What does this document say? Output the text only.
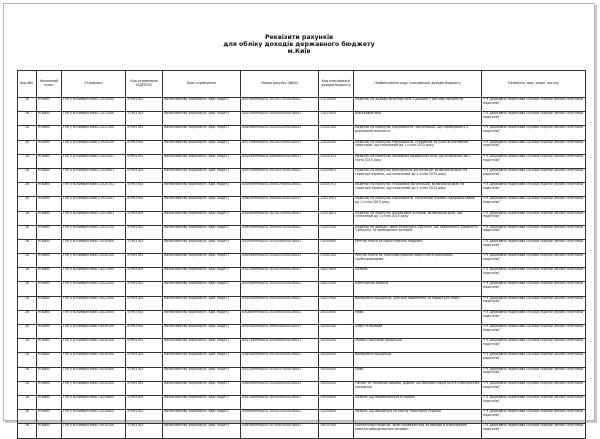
Реквізити рахунків
для обліку доходів державного бюджету
м.Київ
Код обл.	Населений пункт	Отримувач	Код отримувача (ЄДРПОУ)	Банк отримувача	Номер рахунку (IBAN)	Код класифікації доходів бюджету	Найменування коду класифікації доходів бюджету	Назва/ініц. вид. уповн. органу
26	М.КИЇВ	ГУК у м.Києві/м.Київ 11010000	37993783	Казначейство України(ел. адм. подат.)	UA758999980313010017000026001	11010000	Податок на доходи фізичних осіб з доходів у вигляді процентів	"ГУ Державна податкова служби України (великі платники податків)"
26	М.КИЇВ	ГУК у м.Києві/м.Київ 11011000	37993783	Казначейство України(ел. адм. подат.)	UA108999980313000000000026001	11011000	Військовий збір	"ГУ Державна податкова служби України (великі платники податків)"
26	М.КИЇВ	ГУК у м.Києві/м.Київ 11020100	37993783	Казначейство України(ел. адм. подат.)	UA498999980313020052000026001	11020100	Податок на прибуток підприємств і організацій, що перебувають у державній власності	"ГУ Державна податкова служби України (великі платники податків)"
26	М.КИЇВ	ГУК у м.Києві/м.Київ 11020200	37993783	Казначейство України(ел. адм. подат.)	UA718999980313010023000026001	11020200	Податок на прибуток підприємств, створених за участю іноземних інвесторів, що сплачений до 1 січня 2015 року	"ГУ Державна податкова служби України (великі платники податків)"
26	М.КИЇВ	ГУК у м.Києві/м.Київ 11020301	37993783	Казначейство України(ел. адм. подат.)	UA248999980313060080000026001	11020301	Податок на прибуток іноземних юридичних осіб, що сплачений до 1 січня 2015 року	"ГУ Державна податкова служби України (великі платники податків)"
26	М.КИЇВ	ГУК у м.Києві/м.Київ 11020601	37993783	Казначейство України(ел. адм. подат.)	UA978999980313010047000026001	11020601	Податок на прибуток банківських організацій, включаючи філії на території України, що сплачений до 1 січня 2015 року	"ГУ Державна податкова служби України (великі платники податків)"
26	М.КИЇВ	ГУК у м.Києві/м.Київ 11020701	37993783	Казначейство України(ел. адм. подат.)	UA398999980313000079000026001	11020701	Податок на прибуток страхових організацій, включаючи філії на території України, що сплачений до 1 січня 2015 року	"ГУ Державна податкова служби України (великі платники податків)"
26	М.КИЇВ	ГУК у м.Києві/м.Київ 11021001	37993783	Казначейство України(ел. адм. подат.)	UA808999980313060061000026001	11021001	Податок на прибуток підприємств, сплачений іншими підприємствами до 1 січня 2015 року	"ГУ Державна податкова служби України (великі платники податків)"
26	М.КИЇВ	ГУК у м.Києві/м.Київ 11021601	37993783	Казначейство України(ел. адм. подат.)	UA168999980313010074000026001	11021601	Податок на прибуток фінансових установ, включаючи філії, що сплачений до 1 січня 2015 року	"ГУ Державна податкова служби України (великі платники податків)"
26	М.КИЇВ	ГУК у м.Києві/м.Київ 11024700	37993783	Казначейство України(ел. адм. подат.)	UA638999980313000087000026001	11024700	Податок на доходи, який сплачують суб'єкти, що здійснюють діяльність з випуску та проведення лотерей	"ГУ Державна податкова служби України (великі платники податків)"
26	М.КИЇВ	ГУК у м.Києві/м.Київ 13030900	37993783	Казначейство України(ел. адм. подат.)	UA398999980313030090000026001	13030900	Рентна плата за користування надрами	"ГУ Державна податкова служби України (великі платники податків)"
26	М.КИЇВ	ГУК у м.Києві/м.Київ 13040100	37993783	Казначейство України(ел. адм. подат.)	UA918999980313040051000026001	13040100	Рентна плата за транспортування нафти магістральними трубопроводами	"ГУ Державна податкова служби України (великі платники податків)"
26	М.КИЇВ	ГУК у м.Києві/м.Київ 14021900	37993783	Казначейство України(ел. адм. подат.)	UA228999980313020035000026001	14021900	Пальне	"ГУ Державна податкова служби України (великі платники податків)"
26	М.КИЇВ	ГУК у м.Києві/м.Київ 14022000	37993783	Казначейство України(ел. адм. подат.)	UA768999980313000052000026001	14022000	Електрична енергія	"ГУ Державна податкова служби України (великі платники податків)"
26	М.КИЇВ	ГУК у м.Києві/м.Київ 14022900	37993783	Казначейство України(ел. адм. подат.)	UA558999980313000060000026001	14022900	Виноробна продукція, для якої вироблена та надається спирт	"ГУ Державна податкова служби України (великі платники податків)"
26	М.КИЇВ	ГУК у м.Києві/м.Київ 14023000	37993783	Казначейство України(ел. адм. подат.)	UA088999980313030063000026001	14023000	Пиво	"ГУ Державна податкова служби України (великі платники податків)"
26	М.КИЇВ	ГУК у м.Києві/м.Київ 14030100	37993783	Казначейство України(ел. адм. подат.)	UA598999980313060056000026001	14030100	Спирт етиловий	"ГУ Державна податкова служби України (великі платники податків)"
26	М.КИЇВ	ГУК у м.Києві/м.Київ 14030200	37993783	Казначейство України(ел. адм. подат.)	UA178999980313040089000026001	14030200	Лікеро-горілчана продукція	"ГУ Державна податкова служби України (великі платники податків)"
26	М.КИЇВ	ГУК у м.Києві/м.Київ 14030300	37993783	Казначейство України(ел. адм. подат.)	UA838999980313010041000026001	14030300	Виноробна продукція	"ГУ Державна податкова служби України (великі платники податків)"
26	М.КИЇВ	ГУК у м.Києві/м.Київ 14030400	37993783	Казначейство України(ел. адм. подат.)	UA318999980313030037000026001	14030400	Пиво	"ГУ Державна податкова служби України (великі платники податків)"
26	М.КИЇВ	ГУК у м.Києві/м.Київ 14030500	37993783	Казначейство України(ел. адм. подат.)	UA658999980313050080000026001	14030500	Тютюн та тютюнові вироби, рідини, що використовуються в електронних сигаретах	"ГУ Державна податкова служби України (великі платники податків)"
26	М.КИЇВ	ГУК у м.Києві/м.Київ 14030600	37993783	Казначейство України(ел. адм. подат.)	UA128999980313020040000026001	14030600	Пальне, що виробляються в Україні	"ГУ Державна податкова служби України (великі платники податків)"
26	М.КИЇВ	ГУК у м.Києві/м.Київ 14030800	37993783	Казначейство України(ел. адм. подат.)	UA968999980313000014000026001	14030800	Пальне, що ввозиться на митну територію України	"ГУ Державна податкова служби України (великі платники податків)"
26	М.КИЇВ	ГУК у м.Києві/м.Київ 19010100	37993783	Казначейство України(ел. адм. подат.)	UA498999980313070081000026001	19010100	Екологічний податок, який справляється за викиди в атмосферне повітря забруднюючих речовин	"ГУ Державна податкова служби України (великі платники податків)"
